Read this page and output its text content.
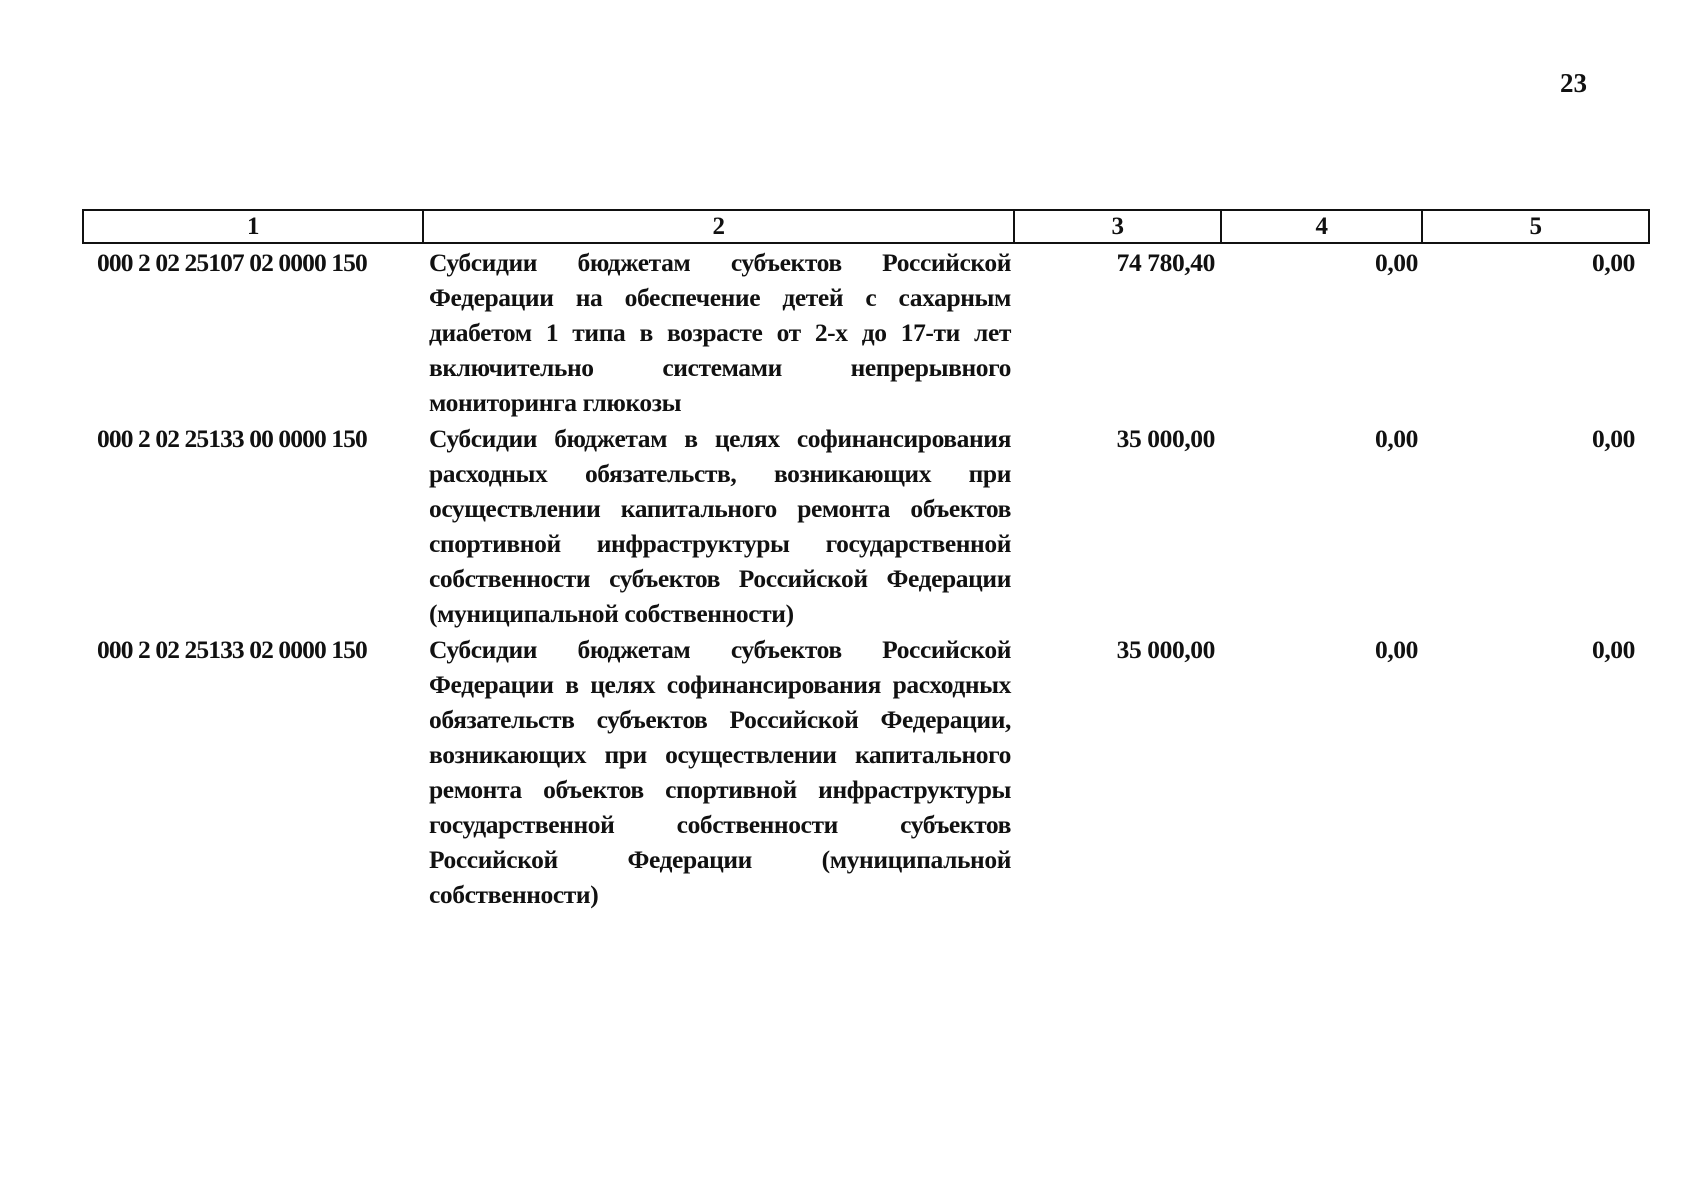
23
1	2	3	4	5
000 2 02 25107 02 0000 150	Субсидии бюджетам субъектов Российской Федерации на обеспечение детей с сахарным диабетом 1 типа в возрасте от 2-х до 17-ти лет включительно системами непрерывного мониторинга глюкозы	74 780,40	0,00	0,00
000 2 02 25133 00 0000 150	Субсидии бюджетам в целях софинансирования расходных обязательств, возникающих при осуществлении капитального ремонта объектов спортивной инфраструктуры государственной собственности субъектов Российской Федерации (муниципальной собственности)	35 000,00	0,00	0,00
000 2 02 25133 02 0000 150	Субсидии бюджетам субъектов Российской Федерации в целях софинансирования расходных обязательств субъектов Российской Федерации, возникающих при осуществлении капитального ремонта объектов спортивной инфраструктуры государственной собственности субъектов Российской Федерации (муниципальной собственности)	35 000,00	0,00	0,00
